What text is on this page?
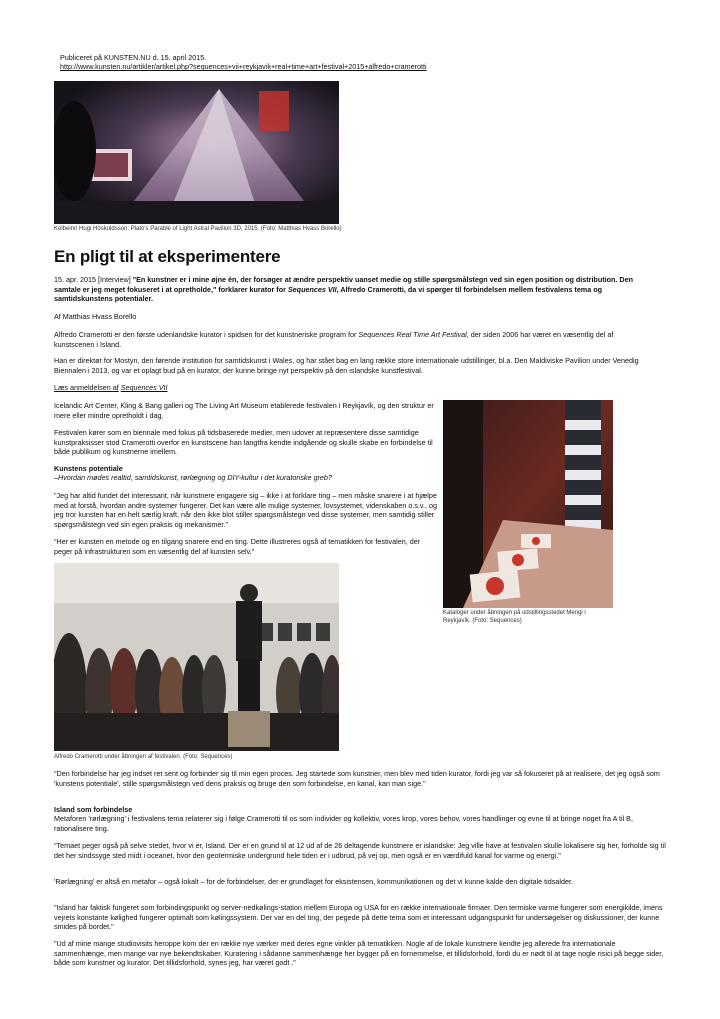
Publiceret på KUNSTEN.NU d. 15. april 2015.
http://www.kunsten.nu/artikler/artikel.php?sequences+vii+reykjavik+real+time+art+festival+2015+alfredo+cramerotti
Kolbeinn Hugi Höskuldsson: Plato's Parable of Light Astral Pavilion 3D, 2015. (Foto: Matthias Hvass Borello)
En pligt til at eksperimentere

15. apr. 2015 [Interview] "En kunstner er i mine øjne én, der forsøger at ændre perspektiv uanset medie og stille spørgsmålstegn ved sin egen position og distribution. Den samtale er jeg meget fokuseret i at opretholde," forklarer kurator for Sequences VII, Alfredo Cramerotti, da vi spørger til forbindelsen mellem festivalens tema og samtidskunstens potentialer.

Af Matthias Hvass Borello

Alfredo Cramerotti er den første udenlandske kurator i spidsen for det kunstneriske program for Sequences Real Time Art Festival, der siden 2006 har været en væsentlig del af kunstscenen i Island.

Han er direktør for Mostyn, den førende institution for samtidskunst i Wales, og har stået bag en lang række store internationale udstillinger, bl.a. Den Maldiviske Pavilion under Venedig Biennalen i 2013, og var et oplagt bud på en kurator, der kunne bringe nyt perspektiv på den islandske kunstfestival.

Læs anmeldelsen af Sequences VII

Icelandic Art Center, Kling & Bang galleri og The Living Art Museum etablerede festivalen i Reykjavík, og den struktur er mere eller mindre opretholdt i dag.

Festivalen kører som en biennale med fokus på tidsbaserede medier, men udover at repræsentere disse samtidige kunstpraksisser stod Cramerotti overfor en kunstscene han langtfra kendte indgående og skulle skabe en forbindelse til både publikum og kunstnerne imellem.

Kunstens potentiale

–Hvordan mødes realtid, samtidskunst, rørlægning og DIY-kultur i det kuratoriske greb?

"Jeg har altid fundet det interessant, når kunstnere engagere sig – ikke i at forklare ting – men måske snarere i at hjælpe med at forstå, hvordan andre systemer fungerer. Det kan være alle mulige systemer, lovsystemet, videnskaben o.s.v., og jeg tror kunsten har en helt særlig kraft, når den ikke blot stiller spørgsmålstegn ved disse systemer, men samtidig stiller spørgsmålstegn ved sin egen praksis og mekanismer."

"Her er kunsten en metode og en tilgang snarere end en ting. Dette illustreres også af tematikken for festivalen, der peger på infrastrukturen som en væsentlig del af kunsten selv."

Kataloger under åbningen på udstillingsstedet Mengi i Reykjavík. (Foto: Sequences)
Alfredo Cramerotti under åbningen af festivalen. (Foto: Sequences)

"Den forbindelse har jeg indset ret sent og forbinder sig til min egen proces. Jeg startede som kunstner, men blev med tiden kurator, fordi jeg var så fokuseret på at realisere, det jeg også som 'kunstens potentiale', stille spørgsmålstegn ved dens praksis og bruge den som forbindelse, en kanal, kan man sige."

Island som forbindelse

Metaforen 'rørlægning' i festivalens tema relaterer sig i følge Cramerotti til os som individer og kollektiv, vores krop, vores behov, vores handlinger og evne til at bringe noget fra A til B, rationalisere ting.

"Temaet peger også på selve stedet, hvor vi er, Island. Der er en grund til at 12 ud af de 26 deltagende kunstnere er islandske: Jeg ville have at festivalen skulle lokalisere sig her, forholde sig til det her sindssyge sted midt i oceanet, hvor den geotermiske undergrund hele tiden er i udbrud, på vej op, men også er en værdifuld kanal for varme og energi."

'Rørlægning' er altså en metafor – også lokalt – for de forbindelser, der er grundlaget for eksistensen, kommunikationen og det vi kunne kalde den digitale tidsalder.

"Island har faktisk fungeret som forbindingspunkt og server-nedkølings-station mellem Europa og USA for en række internationale firmaer. Den termiske varme fungerer som energikilde, imens vejrets konstante kølighed fungerer optimalt som kølingssystem. Der var en del ting, der pegede på dette tema som et interessant udgangspunkt for undersøgelser og diskussioner, der kunne smides på bordet."

"Ud af mine mange studiovisits heroppe kom der en række nye værker med deres egne vinkler på tematikken. Nogle af de lokale kunstnere kendte jeg allerede fra internationale sammenhænge, men mange var nye bekendtskaber. Kuratering i sådanne sammenhænge her bygger på en fornemmelse, et tillidsforhold, fordi du er nødt til at tage nogle risici på begge sider, både som kunstner og kurator. Det tillidsforhold, synes jeg, har været godt ."
